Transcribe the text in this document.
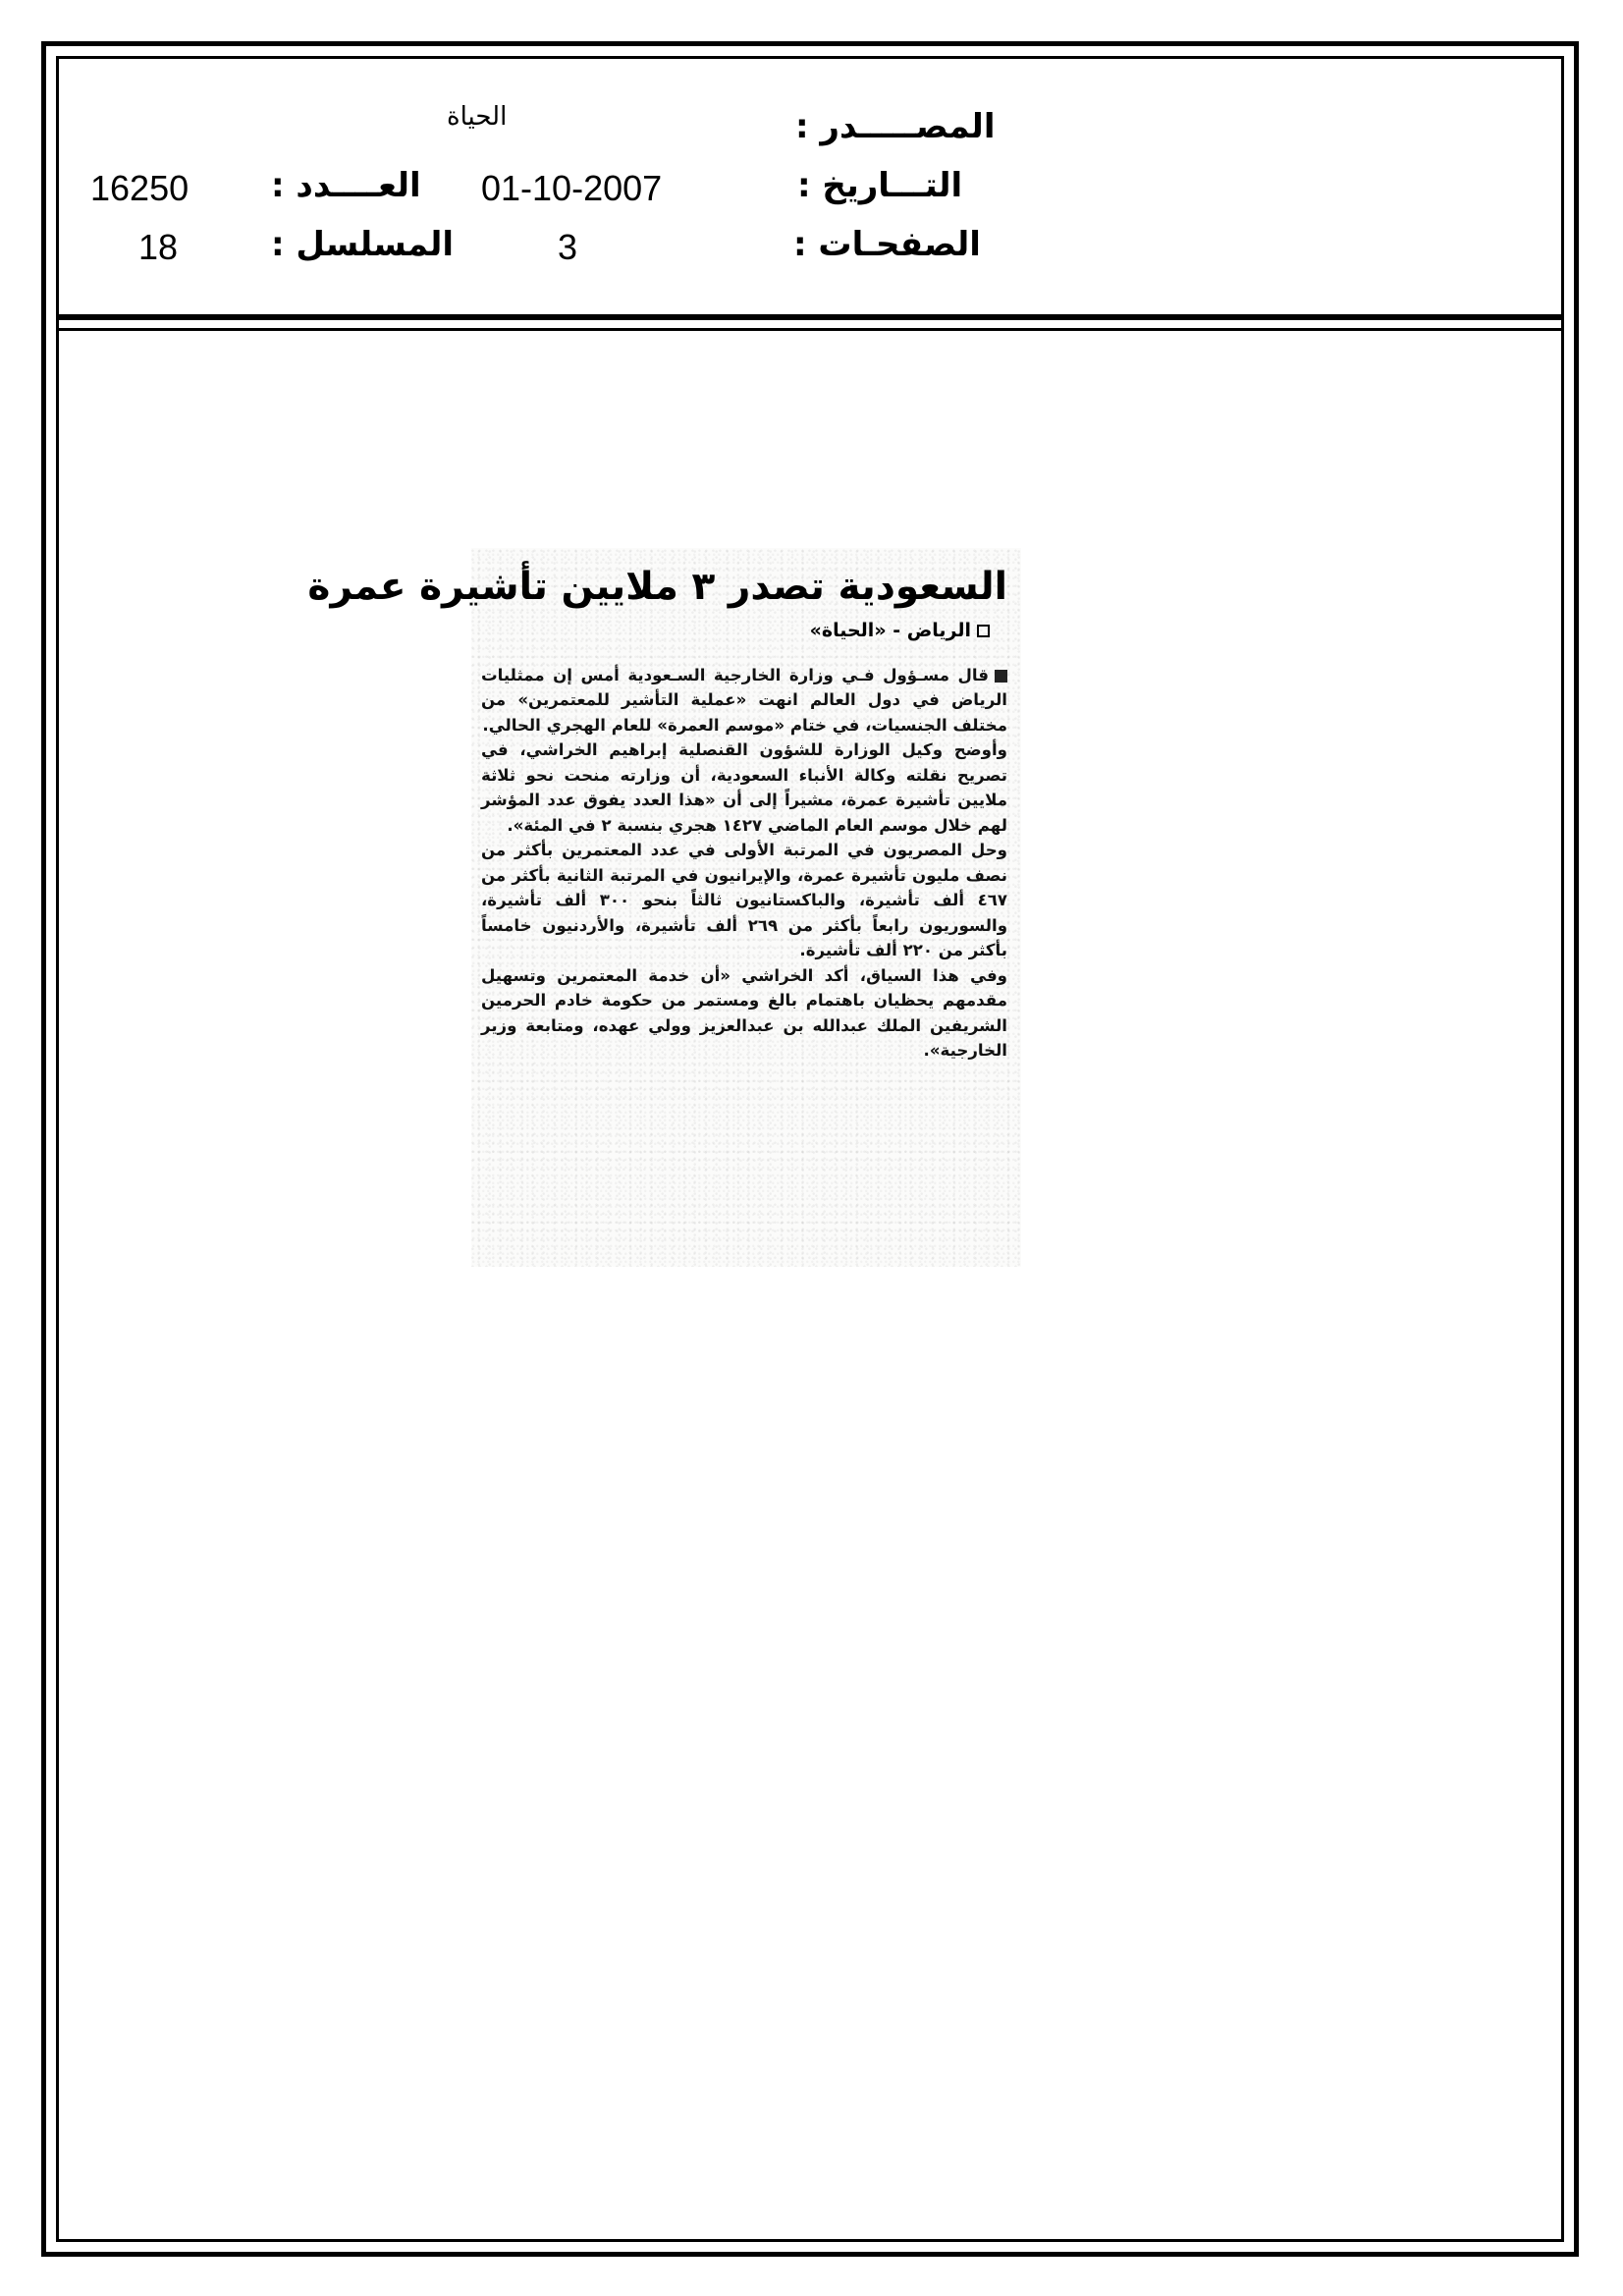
المصـــــدر :
الحياة
التـــاريخ :
01-10-2007
العــــدد :
16250
الصفحـات :
3
المسلسل :
18
السعودية تصدر ٣ ملايين تأشيرة عمرة
الرياض - «الحياة»

قال مسـؤول فـي وزارة الخارجية السـعودية أمس إن ممثليات الرياض في دول العالم انهت «عملية التأشير للمعتمرين» من مختلف الجنسيات، في ختام «موسم العمرة» للعام الهجري الحالي.

وأوضح وكيل الوزارة للشؤون القنصلية إبراهيم الخراشي، في تصريح نقلته وكالة الأنباء السعودية، أن وزارته منحت نحو ثلاثة ملايين تأشيرة عمرة، مشيراً إلى أن «هذا العدد يفوق عدد المؤشر لهم خلال موسم العام الماضي ١٤٢٧ هجري بنسبة ٢ في المئة».

وحل المصريون في المرتبة الأولى في عدد المعتمرين بأكثر من نصف مليون تأشيرة عمرة، والإيرانيون في المرتبة الثانية بأكثر من ٤٦٧ ألف تأشيرة، والباكستانيون ثالثاً بنحو ٣٠٠ ألف تأشيرة، والسوريون رابعاً بأكثر من ٢٦٩ ألف تأشيرة، والأردنيون خامساً بأكثر من ٢٢٠ ألف تأشيرة.

وفي هذا السياق، أكد الخراشي «أن خدمة المعتمرين وتسهيل مقدمهم يحظيان باهتمام بالغ ومستمر من حكومة خادم الحرمين الشريفين الملك عبدالله بن عبدالعزيز وولي عهده، ومتابعة وزير الخارجية».
